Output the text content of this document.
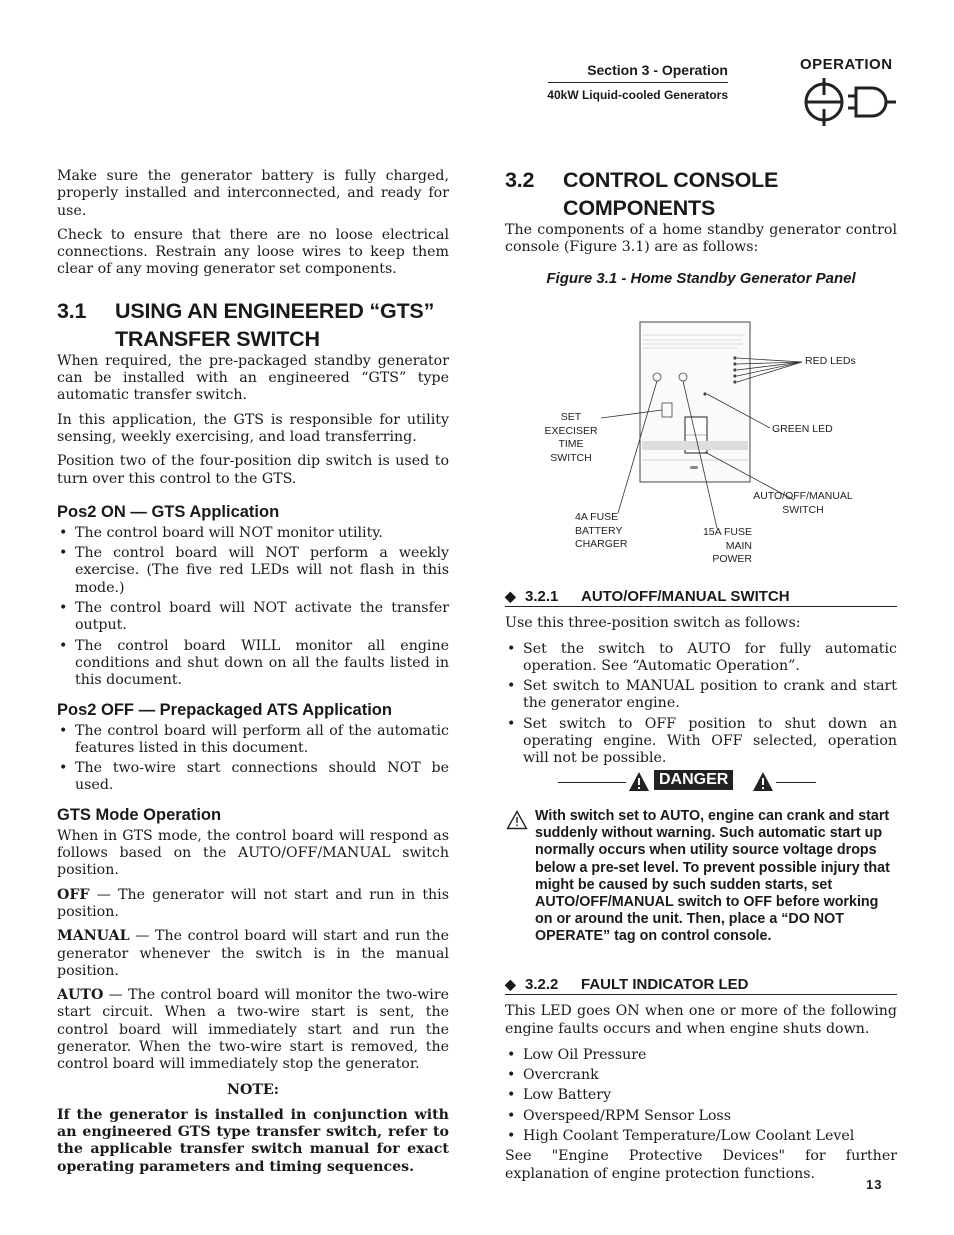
Section 3 - Operation
40kW Liquid-cooled Generators
OPERATION

Make sure the generator battery is fully charged, properly installed and interconnected, and ready for use.

Check to ensure that there are no loose electrical connections. Restrain any loose wires to keep them clear of any moving generator set components.

3.1 USING AN ENGINEERED “GTS”
TRANSFER SWITCH

When required, the pre-packaged standby generator can be installed with an engineered “GTS” type automatic transfer switch.

In this application, the GTS is responsible for utility sensing, weekly exercising, and load transferring.

Position two of the four-position dip switch is used to turn over this control to the GTS.

Pos2 ON — GTS Application
• The control board will NOT monitor utility.
• The control board will NOT perform a weekly exercise. (The five red LEDs will not flash in this mode.)
• The control board will NOT activate the transfer output.
• The control board WILL monitor all engine conditions and shut down on all the faults listed in this document.
Pos2 OFF — Prepackaged ATS Application
• The control board will perform all of the automatic features listed in this document.
• The two-wire start connections should NOT be used.
GTS Mode Operation

When in GTS mode, the control board will respond as follows based on the AUTO/OFF/MANUAL switch position.

OFF — The generator will not start and run in this position.

MANUAL — The control board will start and run the generator whenever the switch is in the manual position.

AUTO — The control board will monitor the two-wire start circuit. When a two-wire start is sent, the control board will immediately start and run the generator. When the two-wire start is removed, the control board will immediately stop the generator.

NOTE:

If the generator is installed in conjunction with an engineered GTS type transfer switch, refer to the applicable transfer switch manual for exact operating parameters and timing sequences.

3.2 CONTROL CONSOLE
COMPONENTS

The components of a home standby generator control console (Figure 3.1) are as follows:

Figure 3.1 - Home Standby Generator Panel
RED LEDs
SET
EXECISER
TIME
SWITCH
GREEN LED
AUTO/OFF/MANUAL
SWITCH
4A FUSE
BATTERY
CHARGER
15A FUSE
MAIN
POWER
◆ 3.2.1 AUTO/OFF/MANUAL SWITCH

Use this three-position switch as follows:

• Set the switch to AUTO for fully automatic operation. See “Automatic Operation”.
• Set switch to MANUAL position to crank and start the generator engine.
• Set switch to OFF position to shut down an operating engine. With OFF selected, operation will not be possible.
DANGER
With switch set to AUTO, engine can crank and start suddenly without warning. Such automatic start up normally occurs when utility source voltage drops below a pre-set level. To prevent possible injury that might be caused by such sudden starts, set AUTO/OFF/MANUAL switch to OFF before working on or around the unit. Then, place a “DO NOT OPERATE” tag on control console.
◆ 3.2.2 FAULT INDICATOR LED

This LED goes ON when one or more of the following engine faults occurs and when engine shuts down.

• Low Oil Pressure
• Overcrank
• Low Battery
• Overspeed/RPM Sensor Loss
• High Coolant Temperature/Low Coolant Level

See "Engine Protective Devices" for further explanation of engine protection functions.

13
